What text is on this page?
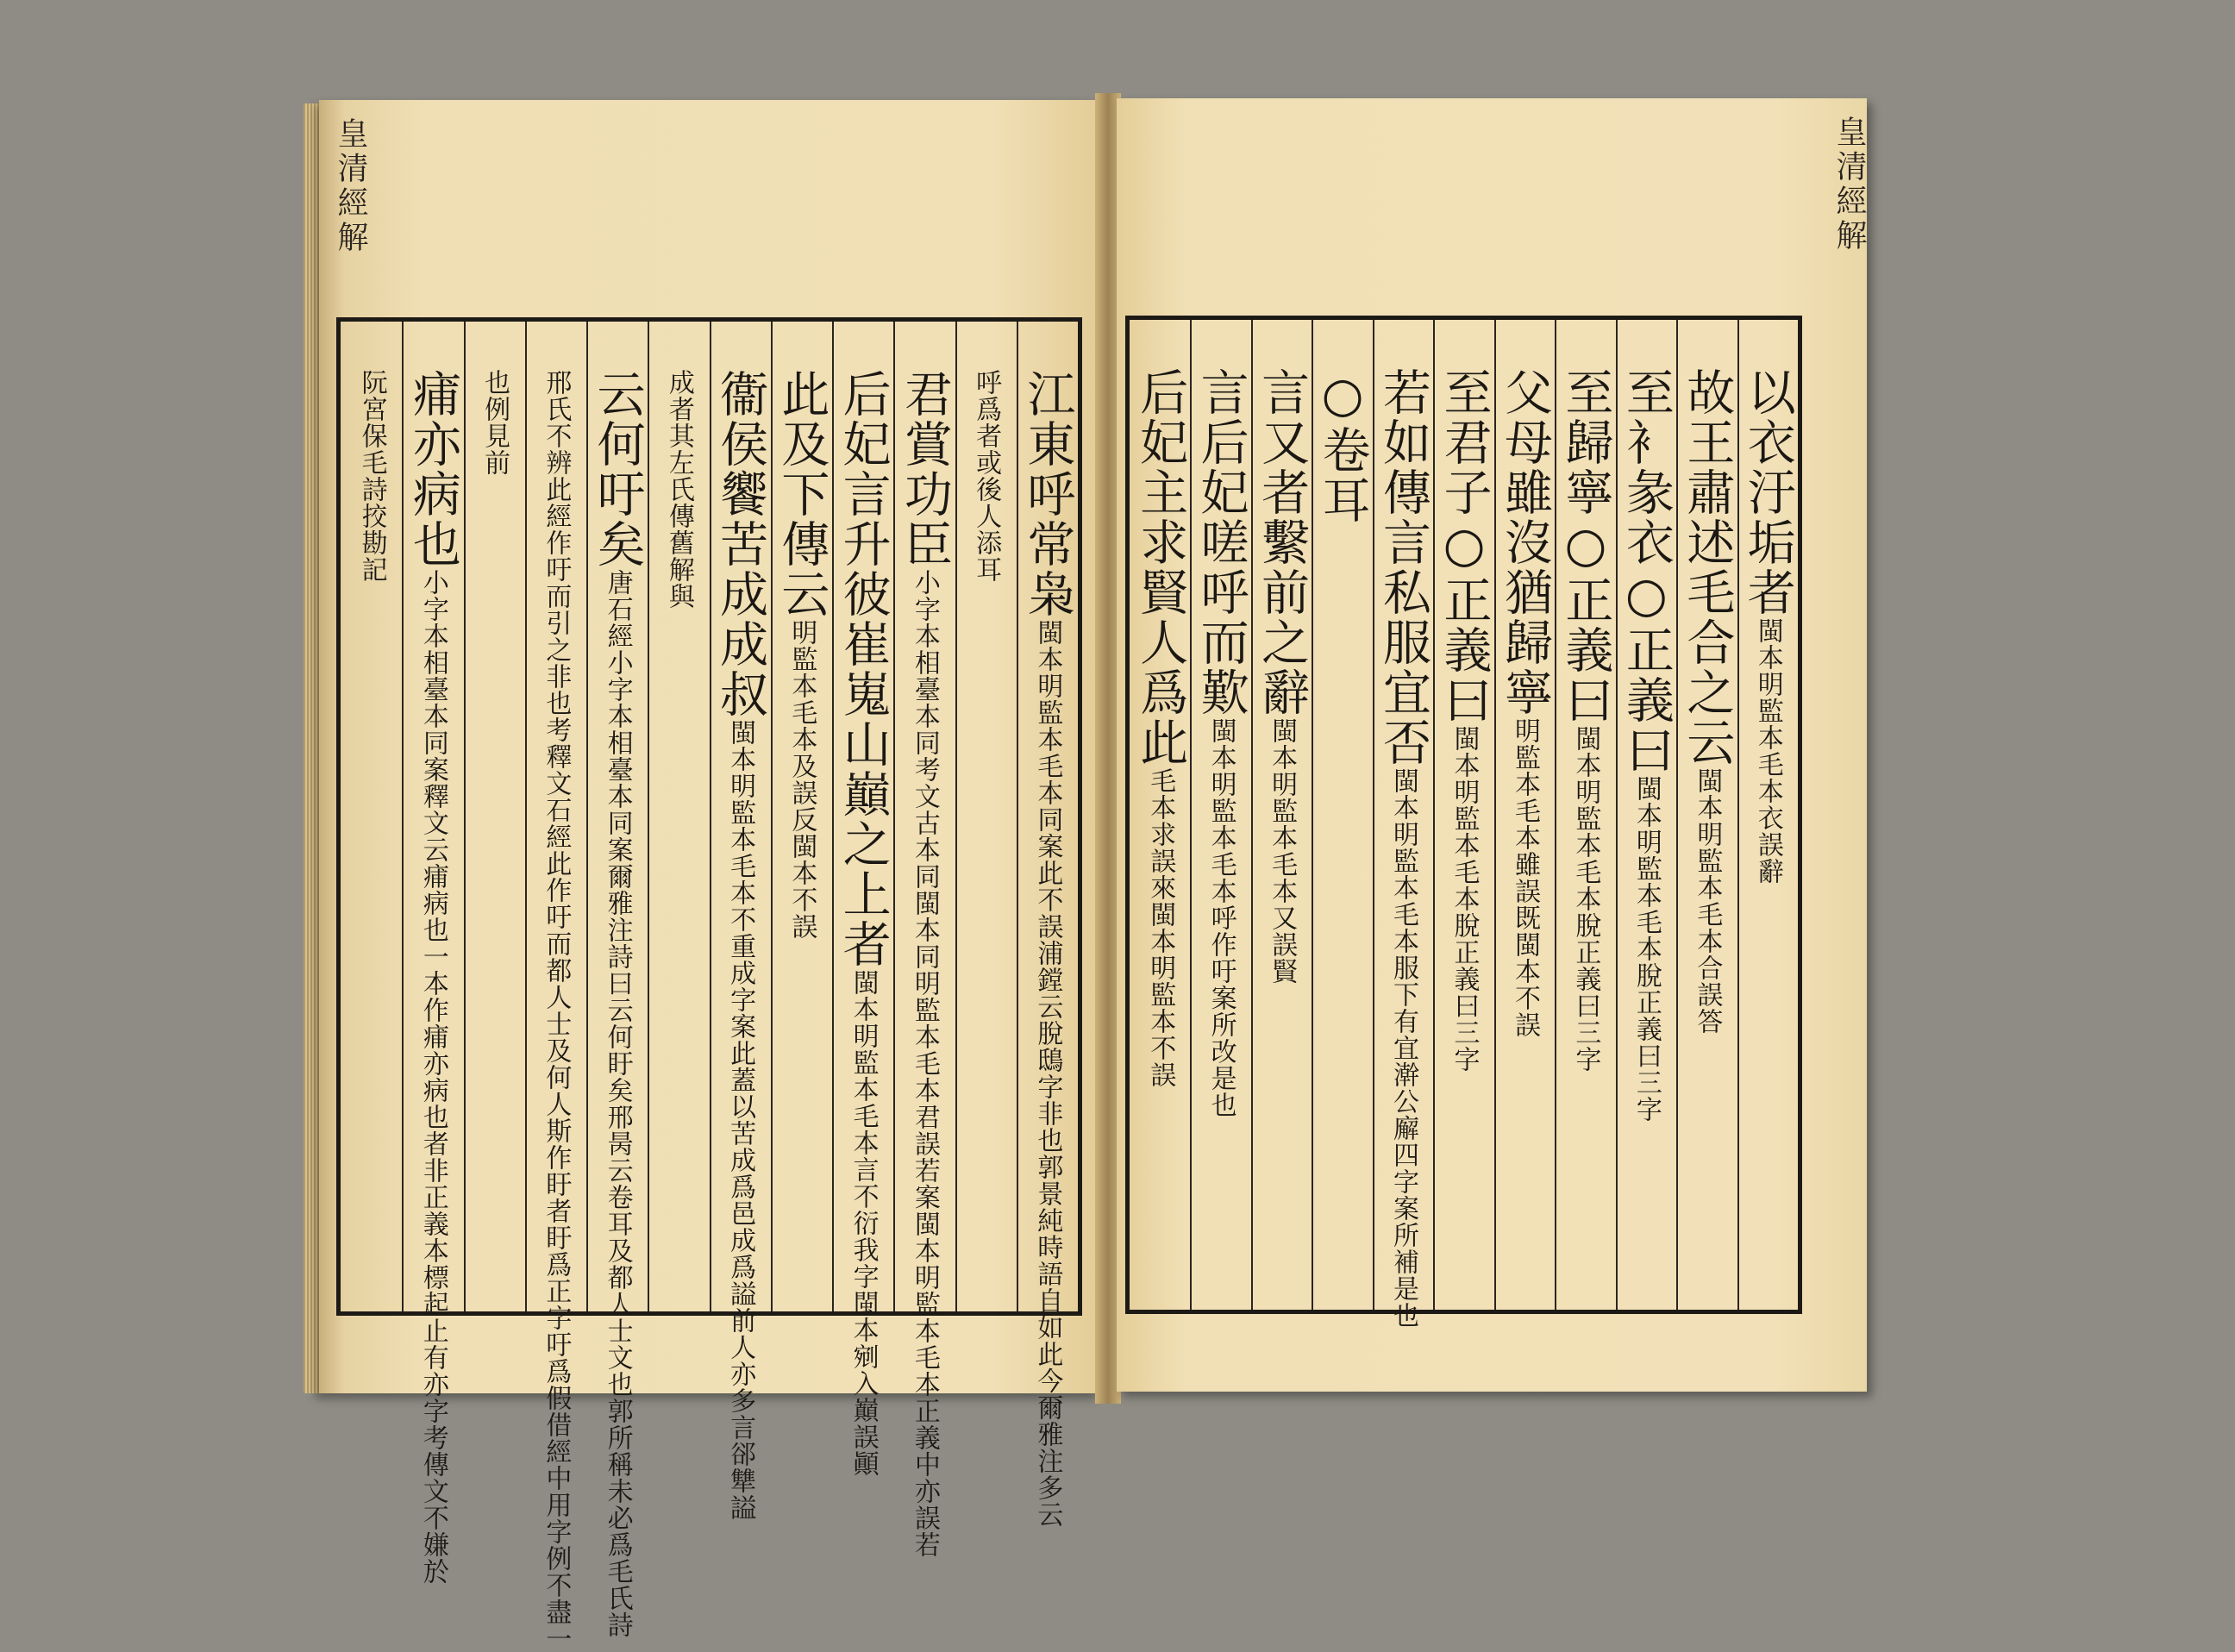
皇清經解
江東呼常枭閩本明監本毛本同案此不誤浦鏜云脫鴟字非也郭景純時語自如此今爾雅注多云
呼爲者或後人添耳
君賞功臣小字本相臺本同考文古本同閩本同明監本毛本君誤若案閩本明監本毛本正義中亦誤若
后妃言升彼崔嵬山巔之上者閩本明監本毛本言不衍我字閩本剜入巔誤顚
此及下傳云明監本毛本及誤反閩本不誤
衞侯饗苦成成叔閩本明監本毛本不重成字案此蓋以苦成爲邑成爲謚前人亦多言郤犨謚
成者其左氏傳舊解與
云何吁矣唐石經小字本相臺本同案爾雅注詩曰云何盱矣邢昺云卷耳及都人士文也郭所稱未必爲毛氏詩
邢氏不辨此經作吁而引之非也考釋文石經此作吁而都人士及何人斯作盱者盱爲正字吁爲假借經中用字例不盡一
也例見前
痡亦病也小字本相臺本同案釋文云痡病也一本作痡亦病也者非正義本標起止有亦字考傳文不嫌於
阮宮保毛詩挍勘記	以衣汙垢者閩本明監本毛本衣誤辭
故王肅述毛合之云閩本明監本毛本合誤答
至衤彖衣○正義曰閩本明監本毛本脫正義曰三字
至歸寧○正義曰閩本明監本毛本脫正義曰三字
父母雖沒猶歸寧明監本毛本雖誤既閩本不誤
至君子○正義曰閩本明監本毛本脫正義曰三字
若如傳言私服宜否閩本明監本毛本服下有宜澣公廨四字案所補是也
○卷耳
言又者繫前之辭閩本明監本毛本又誤賢
言后妃嗟呼而歎閩本明監本毛本呼作吁案所改是也
后妃主求賢人爲此毛本求誤來閩本明監本不誤
皇清經解
